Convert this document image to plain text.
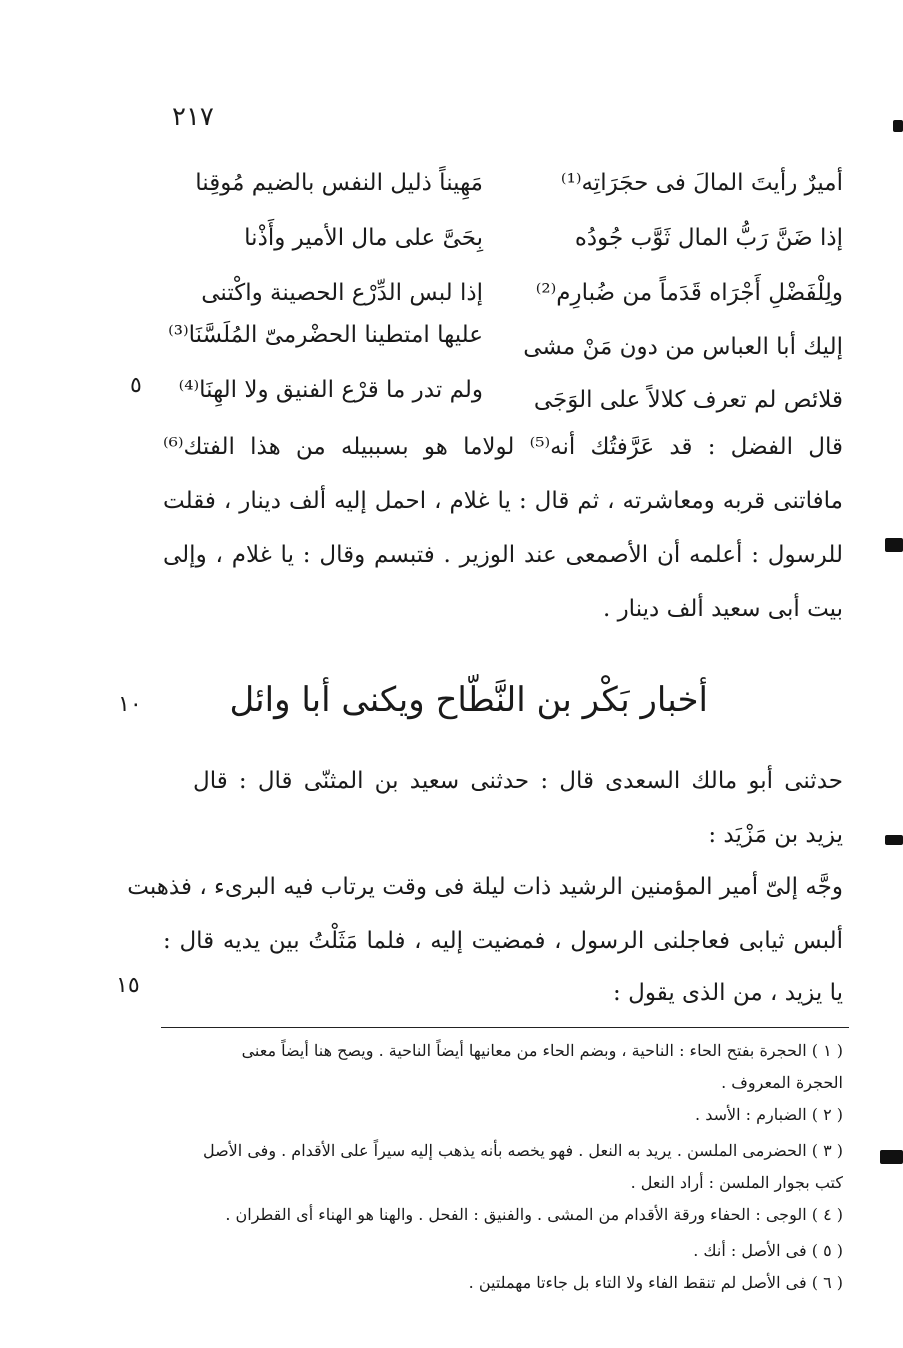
٢١٧
أميرٌ رأيتَ المالَ فى حجَرَاتِه⁽¹⁾
مَهِيناً ذليل النفس بالضيم مُوقِنا
إذا ضَنَّ رَبُّ المال ثَوَّب جُودُه
بِحَىَّ على مال الأمير وأَذْنا
ولِلْفَضْلِ أَجْرَاه قَدَماً من ضُبارِم⁽²⁾
إذا لبس الدِّرْع الحصينة واكْتنى
إليك أبا العباس من دون مَنْ مشى
عليها امتطينا الحضْرمىّ المُلَسَّنَا⁽³⁾
قلائص لم تعرف كلالاً على الوَجَى
ولم تدر ما قرْع الفنيق ولا الهِنَا⁽⁴⁾
٥
قال الفضل : قد عَرَّفتُك أنه⁽⁵⁾ لولاما هو بسببيله من هذا الفتك⁽⁶⁾
مافاتنى قربه ومعاشرته ، ثم قال : يا غلام ، احمل إليه ألف دينار ، فقلت
للرسول : أعلمه أن الأصمعى عند الوزير . فتبسم وقال : يا غلام ، وإلى
بيت أبى سعيد ألف دينار .
أخبار بَكْر بن النَّطّاح ويكنى أبا وائل
١٠
حدثنى أبو مالك السعدى قال : حدثنى سعيد بن المثنّى قال : قال
يزيد بن مَزْيَد :
وجَّه إلىّ أمير المؤمنين الرشيد ذات ليلة فى وقت يرتاب فيه البرىء ، فذهبت
ألبس ثيابى فعاجلنى الرسول ، فمضيت إليه ، فلما مَثَلْتُ بين يديه قال :
يا يزيد ، من الذى يقول :
١٥
( ١ ) الحجرة بفتح الحاء : الناحية ، وبضم الحاء من معانيها أيضاً الناحية . ويصح هنا أيضاً معنى
الحجرة المعروف .
( ٢ ) الضبارم : الأسد .
( ٣ ) الحضرمى الملسن . يريد به النعل . فهو يخصه بأنه يذهب إليه سيراً على الأقدام . وفى الأصل
كتب بجوار الملسن : أراد النعل .
( ٤ ) الوجى : الحفاء ورقة الأقدام من المشى . والفنيق : الفحل . والهنا هو الهناء أى القطران .
( ٥ ) فى الأصل : أنك .
( ٦ ) فى الأصل لم تنقط الفاء ولا التاء بل جاءتا مهملتين .
